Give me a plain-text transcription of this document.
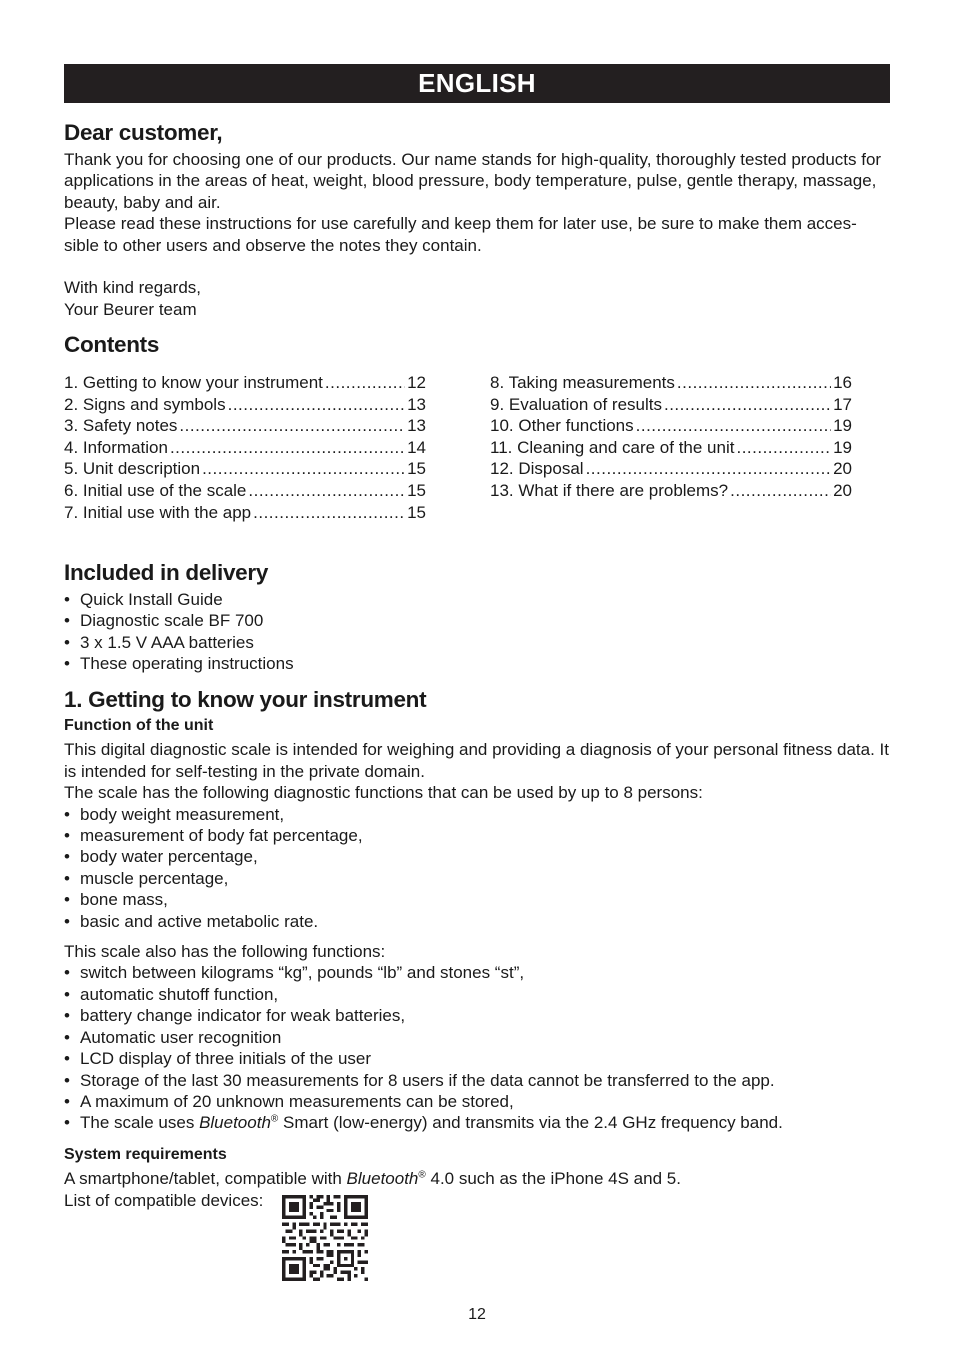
ENGLISH
Dear customer,

Thank you for choosing one of our products. Our name stands for high-quality, thoroughly tested products for applications in the areas of heat, weight, blood pressure, body temperature, pulse, gentle therapy, massage, beauty, baby and air.

Please read these instructions for use carefully and keep them for later use, be sure to make them acces-sible to other users and observe the notes they contain.

With kind regards,

Your Beurer team

Contents
1. Getting to know your instrument .....	12
2. Signs and symbols .....	13
3. Safety notes .....	13
4. Information .....	14
5. Unit description .....	15
6. Initial use of the scale .....	15
7. Initial use with the app .....	15
8. Taking measurements .....	16
9. Evaluation of results .....	17
10. Other functions .....	19
11. Cleaning and care of the unit .....	19
12. Disposal .....	20
13. What if there are problems? .....	20
Included in delivery
• Quick Install Guide
• Diagnostic scale BF 700
• 3 x 1.5 V AAA batteries
• These operating instructions
1. Getting to know your instrument

Function of the unit

This digital diagnostic scale is intended for weighing and providing a diagnosis of your personal fitness data. It is intended for self-testing in the private domain.

The scale has the following diagnostic functions that can be used by up to 8 persons:

• body weight measurement,
• measurement of body fat percentage,
• body water percentage,
• muscle percentage,
• bone mass,
• basic and active metabolic rate.

This scale also has the following functions:

• switch between kilograms “kg”, pounds “lb” and stones “st”,
• automatic shutoff function,
• battery change indicator for weak batteries,
• Automatic user recognition
• LCD display of three initials of the user
• Storage of the last 30 measurements for 8 users if the data cannot be transferred to the app.
• A maximum of 20 unknown measurements can be stored,
• The scale uses Bluetooth® Smart (low-energy) and transmits via the 2.4 GHz frequency band.

System requirements

A smartphone/tablet, compatible with Bluetooth® 4.0 such as the iPhone 4S and 5.

List of compatible devices:

12
